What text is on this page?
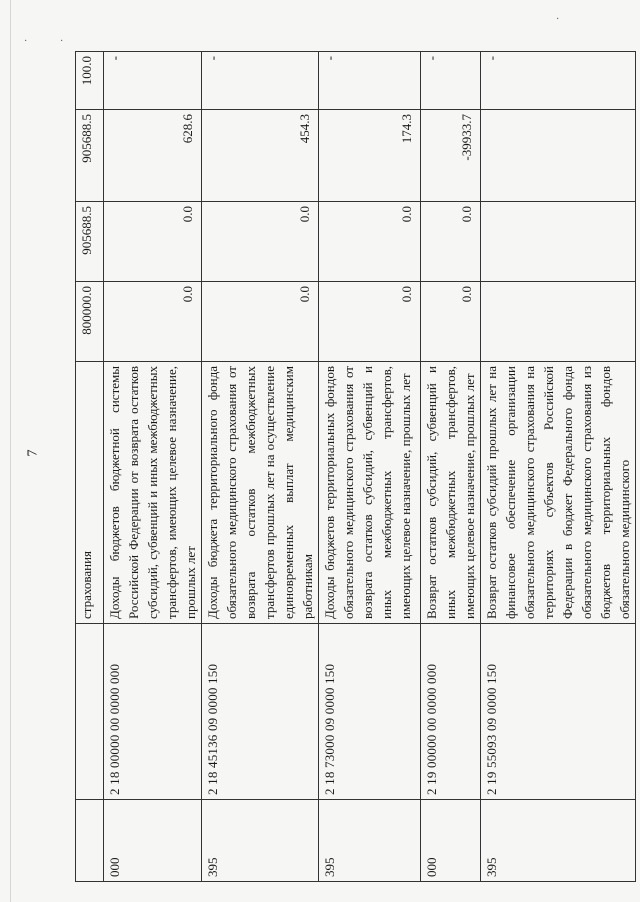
·	·
·
7
		страхования	800000.0	905688.5	905688.5	100.0
000	2 18 00000 00 0000 000	Доходы бюджетов бюджетной системы Российской Федерации от возврата остатков субсидий, субвенций и иных межбюджетных трансфертов, имеющих целевое назначение, прошлых лет	0.0	0.0	628.6	-
395	2 18 45136 09 0000 150	Доходы бюджета территориального фонда обязательного медицинского страхования от возврата остатков межбюджетных трансфертов прошлых лет на осуществление единовременных выплат медицинским работникам	0.0	0.0	454.3	-
395	2 18 73000 09 0000 150	Доходы бюджетов территориальных фондов обязательного медицинского страхования от возврата остатков субсидий, субвенций и иных межбюджетных трансфертов, имеющих целевое назначение, прошлых лет	0.0	0.0	174.3	-
000	2 19 00000 00 0000 000	Возврат остатков субсидий, субвенций и иных межбюджетных трансфертов, имеющих целевое назначение, прошлых лет	0.0	0.0	-39933.7	-
395	2 19 55093 09 0000 150	Возврат остатков субсидий прошлых лет на финансовое обеспечение организации обязательного медицинского страхования на территориях субъектов Российской Федерации в бюджет Федерального фонда обязательного медицинского страхования из бюджетов территориальных фондов обязательного медицинского				-
